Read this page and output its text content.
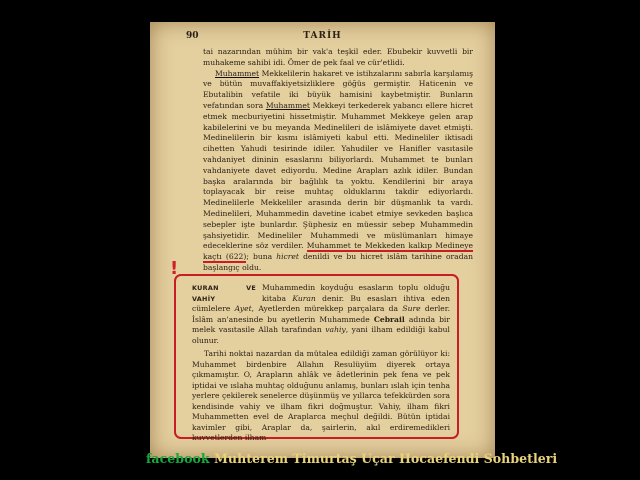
90	TARİH

tai nazarından mühim bir vak'a teşkil eder. Ebubekir kuvvetli bir muhakeme sahibi idi. Ömer de pek faal ve cür'etlidi.

Muhammet Mekkelilerin hakaret ve istihzalarını sabırla karşılamış ve bütün muvaffakiyetsizliklere göğüs germiştir. Haticenin ve Ebutalibin vefatile iki büyük hamisini kaybetmiştir. Bunların vefatından sora Muhammet Mekkeyi terkederek yabancı ellere hicret etmek mecburiyetini hissetmiştir. Muhammet Mekkeye gelen arap kabilelerini ve bu meyanda Medinelileri de islâmiyete davet etmişti. Medinelilerin bir kısmı islâmiyeti kabul etti. Medineliler iktisadi cihetten Yahudi tesirinde idiler. Yahudiler ve Hanifler vasıtasile vahdaniyet dininin esaslarını biliyorlardı. Muhammet te bunları vahdaniyete davet ediyordu. Medine Arapları azlık idiler. Bundan başka aralarında bir bağlılık ta yoktu. Kendilerini bir araya toplayacak bir reise muhtaç olduklarını takdir ediyorlardı. Medinelilerle Mekkeliler arasında derin bir düşmanlık ta vardı. Medinelileri, Muhammedin davetine icabet etmiye sevkeden başlıca sebepler işte bunlardır. Şüphesiz en müessir sebep Muhammedin şahsiyetidir. Medineliler Muhammedi ve müslümanları himaye edeceklerine söz verdiler. Muhammet te Mekkeden kalkıp Medineye kaçtı (622); buna hicret denildi ve bu hicret islâm tarihine oradan başlangıç oldu.

!

KURAN VE VAHİY
Muhammedin koyduğu esasların toplu olduğu kitaba Kuran denir. Bu esasları ihtiva eden cümlelere Ayet, Ayetlerden mürekkep parçalara da Sure derler. İslâm an'anesinde bu ayetlerin Muhammede Cebrail adında bir melek vasıtasile Allah tarafından vahiy, yani ilham edildiği kabul olunur.

Tarihi noktai nazardan da mütalea edildiği zaman görülüyor ki: Muhammet birdenbire Allahın Resulüyüm diyerek ortaya çıkmamıştır. O, Arapların ahlâk ve âdetlerinin pek fena ve pek iptidai ve ıslaha muhtaç olduğunu anlamış, bunları ıslah için tenha yerlere çekilerek senelerce düşünmüş ve yıllarca tefekkürden sora kendisinde vahiy ve ilham fikri doğmuştur. Vahiy, ilham fikri Muhammetten evel de Araplarca meçhul değildi. Bütün iptidai kavimler gibi, Araplar da, şairlerin, akıl erdiremedikleri kuvvetlerden ilham

facebook Muhterem Timurtaş Uçar Hocaefendi Sohbetleri
